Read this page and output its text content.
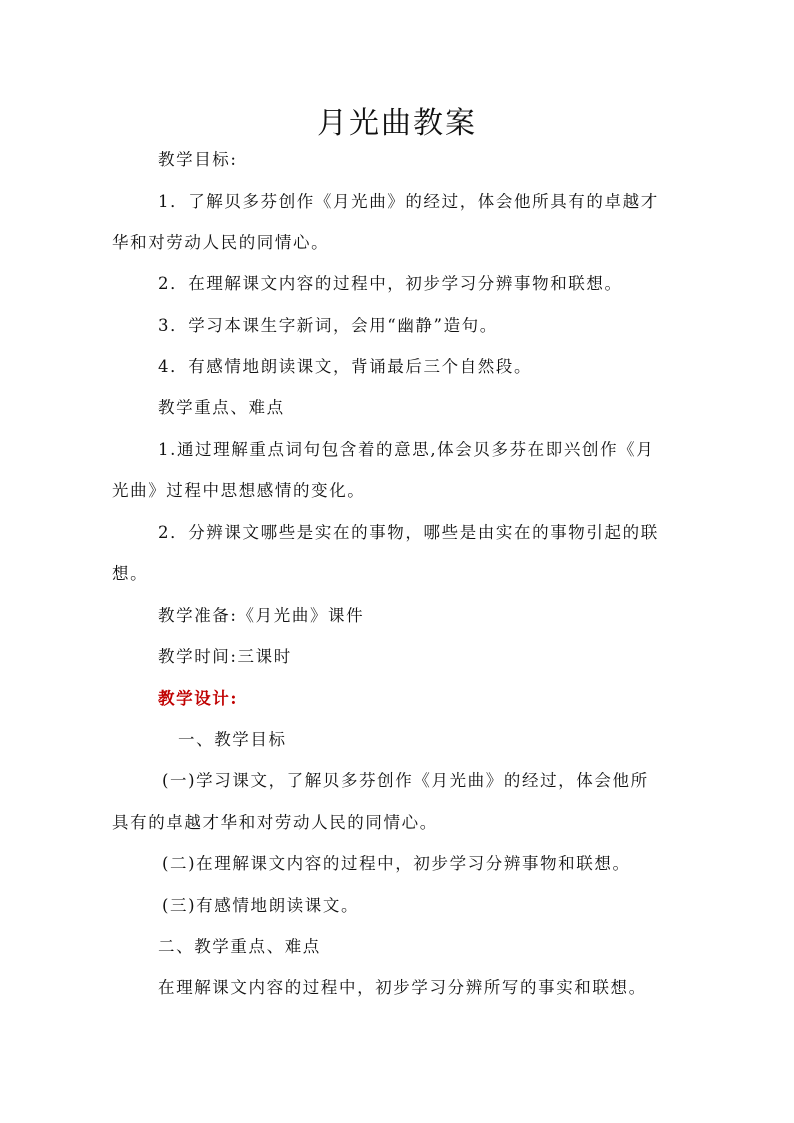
月光曲教案
教学目标:
1．了解贝多芬创作《月光曲》的经过，体会他所具有的卓越才
华和对劳动人民的同情心。
2．在理解课文内容的过程中，初步学习分辨事物和联想。
3．学习本课生字新词，会用“幽静”造句。
4．有感情地朗读课文，背诵最后三个自然段。
教学重点、难点
1.通过理解重点词句包含着的意思,体会贝多芬在即兴创作《月
光曲》过程中思想感情的变化。
2．分辨课文哪些是实在的事物，哪些是由实在的事物引起的联
想。
教学准备:《月光曲》课件
教学时间:三课时
教学设计:
一、教学目标
(一)学习课文，了解贝多芬创作《月光曲》的经过，体会他所
具有的卓越才华和对劳动人民的同情心。
(二)在理解课文内容的过程中，初步学习分辨事物和联想。
(三)有感情地朗读课文。
二、教学重点、难点
在理解课文内容的过程中，初步学习分辨所写的事实和联想。
